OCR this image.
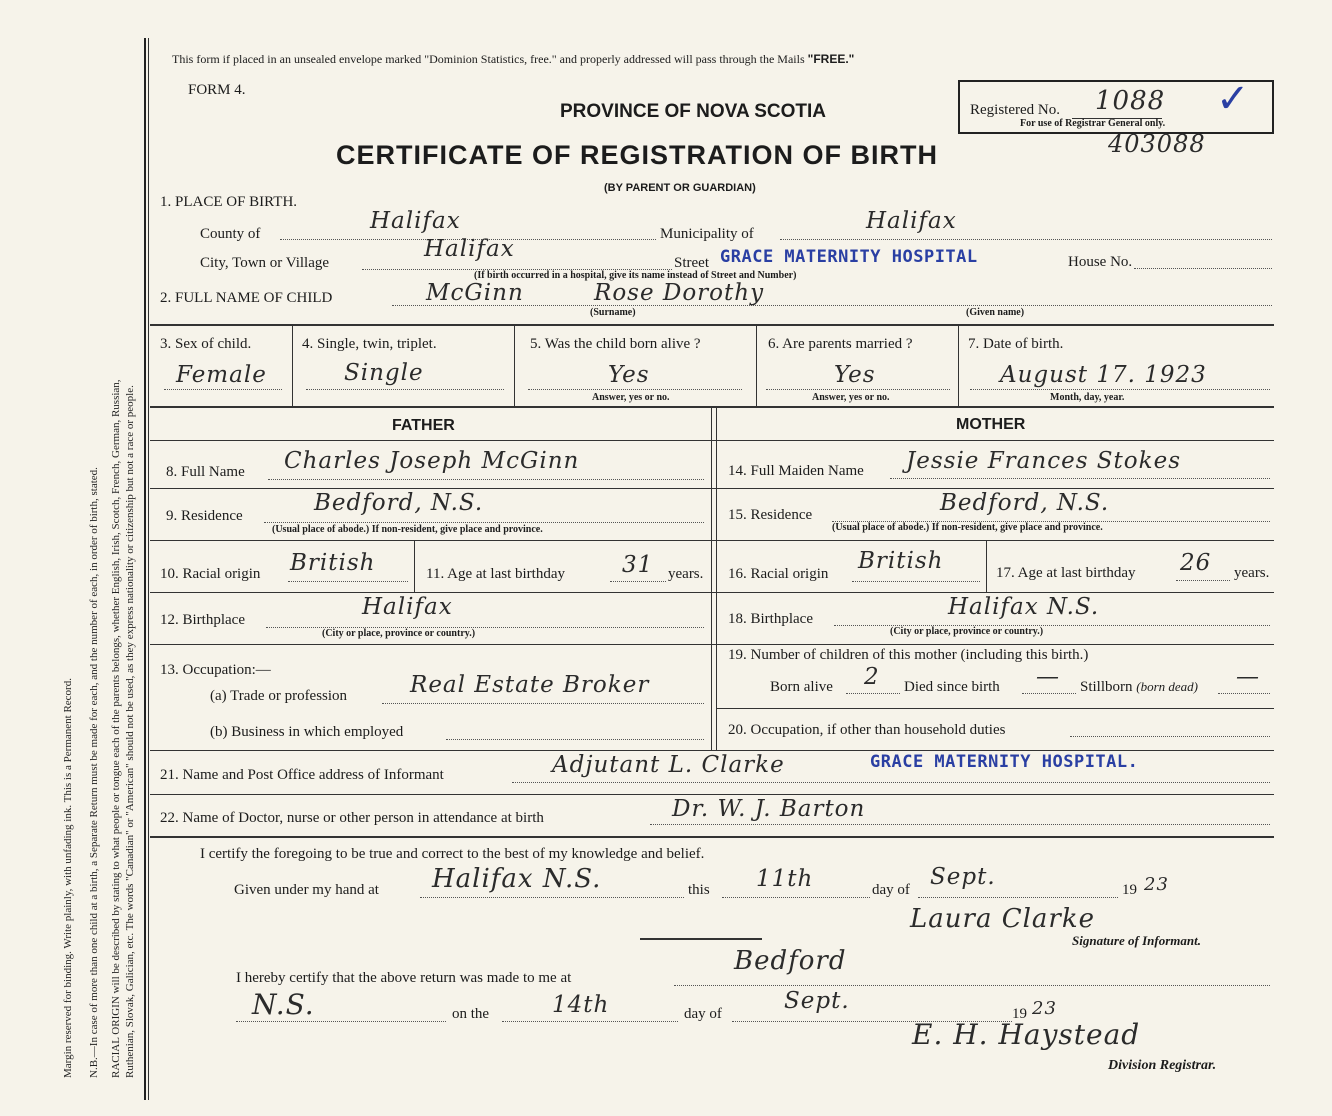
Margin reserved for binding. Write plainly, with unfading ink. This is a Permanent Record. N.B.—In case of more than one child at a birth, a Separate Return must be made for each, and the number of each, in order of birth, stated. RACIAL ORIGIN will be described by stating to what people or tongue each of the parents belongs, whether English, Irish, Scotch, French, German, Russian, Ruthenian, Slovak, Galician, etc. The words "Canadian" or "American" should not be used, as they express nationality or citizenship but not a race or people.
This form if placed in an unsealed envelope marked "Dominion Statistics, free." and properly addressed will pass through the Mails "FREE."
FORM 4.
PROVINCE OF NOVA SCOTIA	Registered No. 1088
For use of Registrar General only.
✓
CERTIFICATE OF REGISTRATION OF BIRTH	403088
(BY PARENT OR GUARDIAN)
1. PLACE OF BIRTH.
County of	Halifax	Municipality of	Halifax
City, Town or Village
Halifax
Street GRACE MATERNITY HOSPITAL	House No.
(If birth occurred in a hospital, give its name instead of Street and Number)
2. FULL NAME OF CHILD	McGinn	Rose Dorothy
(Surname)	(Given name)
3. Sex of child.
Female
4. Single, twin, triplet.
Single
5. Was the child born alive ?
Yes
Answer, yes or no.
6. Are parents married ?
Yes
Answer, yes or no.
7. Date of birth.
August 17. 1923
Month, day, year.
FATHER	MOTHER
8. Full Name Charles Joseph McGinn	14. Full Maiden Name Jessie Frances Stokes
9. Residence	Bedford, N.S.
(Usual place of abode.) If non-resident, give place and province.
15. Residence	Bedford, N.S.
(Usual place of abode.) If non-resident, give place and province.
10. Racial origin British	11. Age at last birthday 31 years. 16. Racial origin British	17. Age at last birthday 26 years.
12. Birthplace	Halifax
(City or place, province or country.)
18. Birthplace	Halifax N.S.
(City or place, province or country.)
13. Occupation:—
(a) Trade or profession	Real Estate Broker
19. Number of children of this mother (including this birth.)
Born alive 2 Died since birth — Stillborn (born dead) —
(b) Business in which employed	20. Occupation, if other than household duties
21. Name and Post Office address of Informant	Adjutant L. Clarke	GRACE MATERNITY HOSPITAL.
22. Name of Doctor, nurse or other person in attendance at birth	Dr. W. J. Barton
I certify the foregoing to be true and correct to the best of my knowledge and belief.
Given under my hand at Halifax N.S.	this 11th	day of Sept.	19 23
Laura Clarke
Signature of Informant.
I hereby certify that the above return was made to me at
Bedford
N.S.	on the	14th	day of	Sept.	19 23
E. H. Haystead
Division Registrar.
